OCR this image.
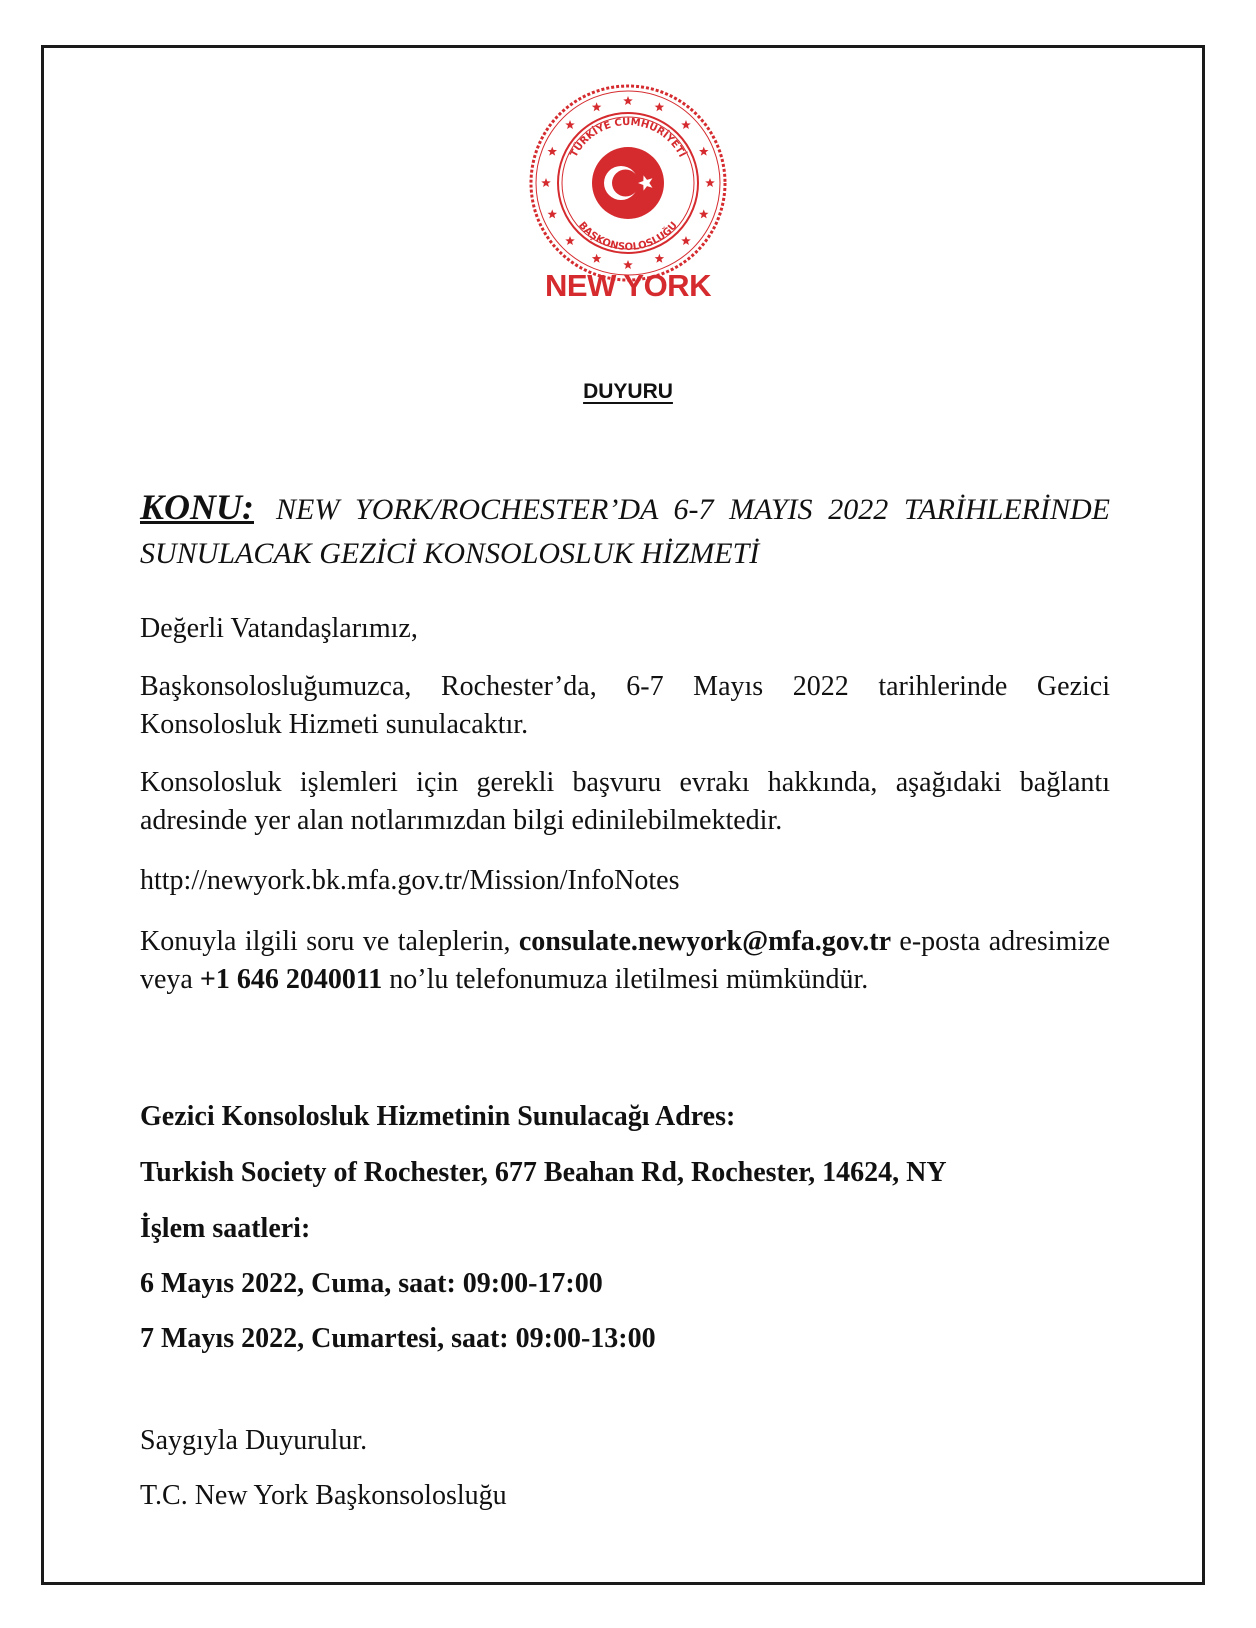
TÜRKİYE CUMHURİYETİ
BAŞKONSOLOSLUĞU
NEW YORK
DUYURU
KONU: NEW YORK/ROCHESTER’DA 6-7 MAYIS 2022 TARİHLERİNDE SUNULACAK GEZİCİ KONSOLOSLUK HİZMETİ
Değerli Vatandaşlarımız,
Başkonsolosluğumuzca, Rochester’da, 6-7 Mayıs 2022 tarihlerinde Gezici Konsolosluk Hizmeti sunulacaktır.
Konsolosluk işlemleri için gerekli başvuru evrakı hakkında, aşağıdaki bağlantı adresinde yer alan notlarımızdan bilgi edinilebilmektedir.
http://newyork.bk.mfa.gov.tr/Mission/InfoNotes
Konuyla ilgili soru ve taleplerin, consulate.newyork@mfa.gov.tr e-posta adresimize veya +1 646 2040011 no’lu telefonumuza iletilmesi mümkündür.
Gezici Konsolosluk Hizmetinin Sunulacağı Adres:
Turkish Society of Rochester, 677 Beahan Rd, Rochester, 14624, NY
İşlem saatleri:
6 Mayıs 2022, Cuma, saat: 09:00-17:00
7 Mayıs 2022, Cumartesi, saat: 09:00-13:00
Saygıyla Duyurulur.
T.C. New York Başkonsolosluğu
